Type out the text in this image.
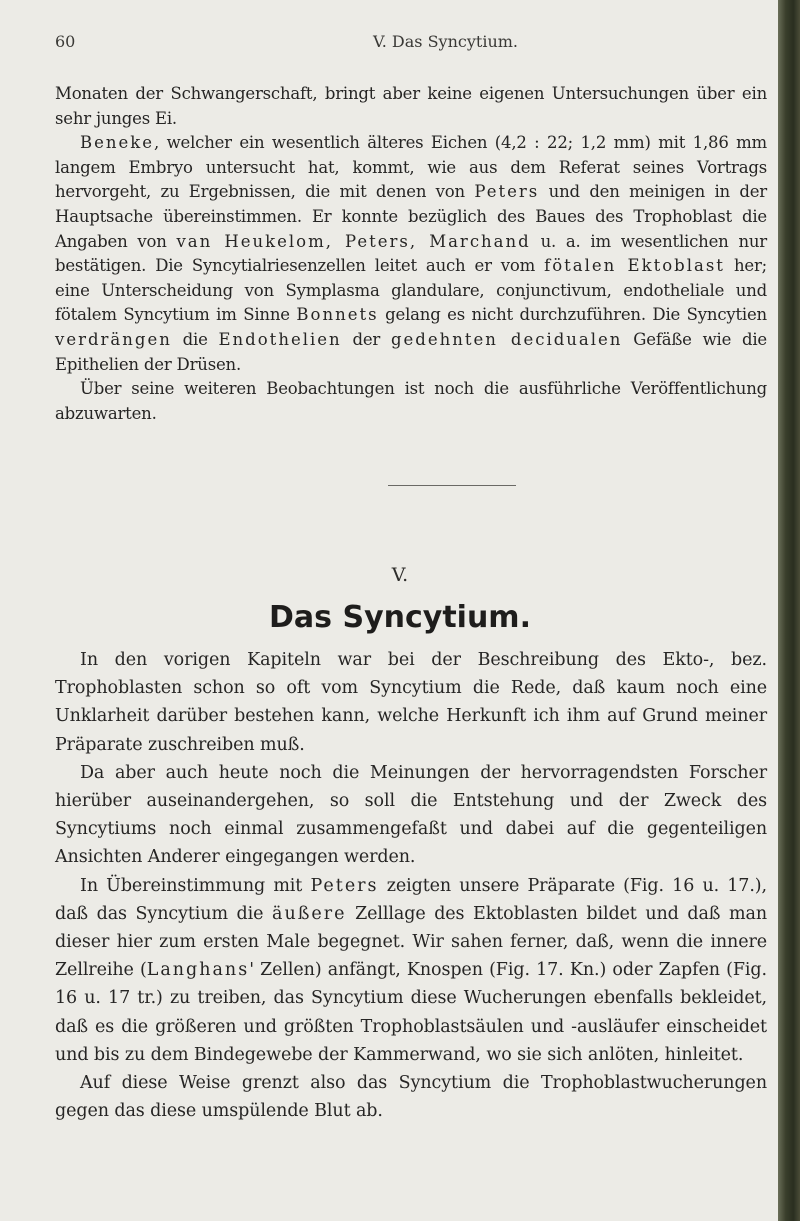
60	V. Das Syncytium.

Monaten der Schwangerschaft, bringt aber keine eigenen Untersuchungen über ein sehr junges Ei.

Beneke, welcher ein wesentlich älteres Eichen (4,2 : 22; 1,2 mm) mit 1,86 mm langem Embryo untersucht hat, kommt, wie aus dem Referat seines Vortrags hervorgeht, zu Ergebnissen, die mit denen von Peters und den meinigen in der Hauptsache übereinstimmen. Er konnte bezüglich des Baues des Trophoblast die Angaben von van Heukelom, Peters, Marchand u. a. im wesentlichen nur bestätigen. Die Syncytialriesenzellen leitet auch er vom fötalen Ektoblast her; eine Unterscheidung von Symplasma glandulare, conjunctivum, endotheliale und fötalem Syncytium im Sinne Bonnets gelang es nicht durchzuführen. Die Syncytien verdrängen die Endothelien der gedehnten decidualen Gefäße wie die Epithelien der Drüsen.

Über seine weiteren Beobachtungen ist noch die ausführliche Veröffentlichung abzuwarten.

V.
Das Syncytium.

In den vorigen Kapiteln war bei der Beschreibung des Ekto-, bez. Trophoblasten schon so oft vom Syncytium die Rede, daß kaum noch eine Unklarheit darüber bestehen kann, welche Herkunft ich ihm auf Grund meiner Präparate zuschreiben muß.

Da aber auch heute noch die Meinungen der hervorragendsten Forscher hierüber auseinandergehen, so soll die Entstehung und der Zweck des Syncytiums noch einmal zusammengefaßt und dabei auf die gegenteiligen Ansichten Anderer eingegangen werden.

In Übereinstimmung mit Peters zeigten unsere Präparate (Fig. 16 u. 17.), daß das Syncytium die äußere Zelllage des Ektoblasten bildet und daß man dieser hier zum ersten Male begegnet. Wir sahen ferner, daß, wenn die innere Zellreihe (Langhans' Zellen) anfängt, Knospen (Fig. 17. Kn.) oder Zapfen (Fig. 16 u. 17 tr.) zu treiben, das Syncytium diese Wucherungen ebenfalls bekleidet, daß es die größeren und größten Trophoblastsäulen und -ausläufer einscheidet und bis zu dem Bindegewebe der Kammerwand, wo sie sich anlöten, hinleitet.

Auf diese Weise grenzt also das Syncytium die Trophoblastwucherungen gegen das diese umspülende Blut ab.
